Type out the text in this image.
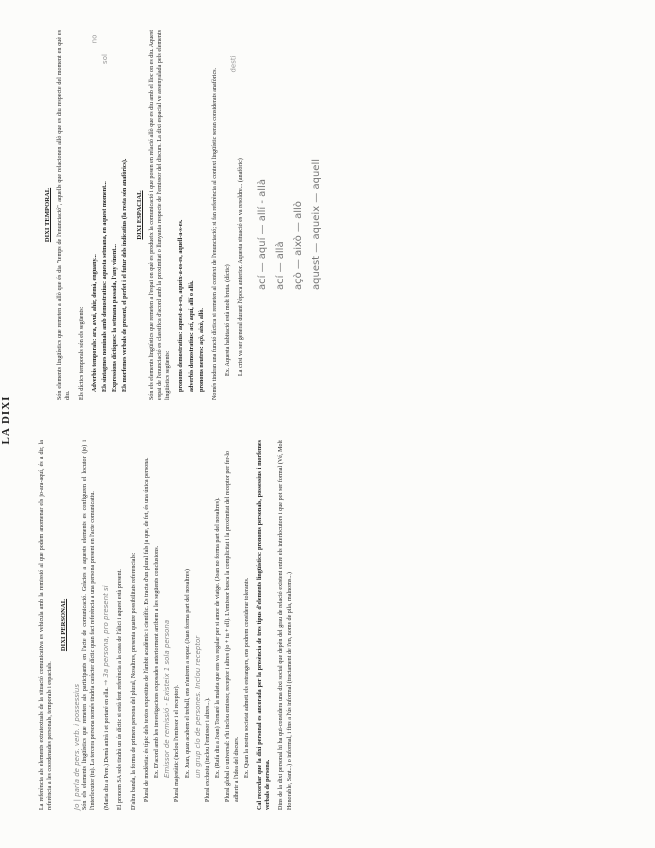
LA DIXI

La referència als elements extratextuals de la situació comunicativa es vehicula amb la remissió al que podem anomenar els jo-ara-aquí, és a dir, la referència a les coordenades personals, temporals i espacials.

DIXI PERSONAL
Jo | parla de pers. verb. i possessius Són els elements lingüístics que remeten als participants en l'acte de comunicació. Gràcies a aquests elements es configuren el locutor (jo) i l'interlocutor (tu). La tercera persona només tindria caràcter díctic quan faci referència a una persona present en l'acte comunicatiu.	(Maria diu a Pere.) Demà anirà i et portaré en ella. → 3a persona, pro present si El pronom SA sols tindrà un ús díctic si està fent referència a la casa de l'àlici i aquest està present. D'altra banda, la forma de primera persona del plural, Nosaltres, presenta quatre possibilitats referencials: Plural de modèstia: és típic dels textos expositius de l'àmbit acadèmic i científic. Es tracta d'un plural fals ja que, de fet, és una única persona. Ex. D'acord amb les investigacions exposades anteriorment arribem a les següents conclusions. Emissor de remissió - Existeix 1 sola persona Plural majestàtic (inclou l'emissor i el receptor). Ex. Juan, quan acabem el treball, ens n'anirem a sopar. (Juan forma part del nosaltres) un grup clo de persones. Inclou receptor Plural exclusiu (inclou l'emissor i altres...). Ex. (Rafa diu a Joan) Tornaré la maleta que ens va regalar per si amor de viatge. (Joan no forma part del nosaltres). Plural global o universal: s'hi inclou emissor, receptor i altres (jo + tu + ell). L'emissor busca la complicitat i la proximitat del receptor per fer-lo adherir a l'idea del discurs. Ex. Quan la nostra societat admeti els estrangers, ens podrem considerar tolerants. Cal recordar que la dixi personal es ancorada per la presència de tres tipus d'elements lingüístics: pronoms personals, possessius i morfemes verbals de persona. Dins de la dixi personal hi ha qui-considera una dixi social que depèn del grau de relació existent entre els interlocutors i que pot ser formal (Vé, Molt Honorable, Sant...) o informal, i fins a l'ús informal (tractament de i'en, noms de pila, malnoms...)

DIXI TEMPORAL Són elements lingüístics que remeten a allò que és dia "temps de l'enunciació", aquells que relacionen allò que es diu respecte del moment en què es diu. Els díctics temporals són els següents: Adverbis temporals: ara, avui, ahir, demà, enguany... Els sintagmes nominals amb demostratius: aquesta setmana, en aquest moment... Expressions díctiques: la setmana passada, l'any vinent... Els morfemes verbals de present, el perfet i el futur dels indicatius (la resta són anafòrics). DIXI ESPACIAL Són els elements lingüístics que remeten a l'espai on què es produeix la comunicació i que posen en relació allò que es diu amb el lloc on es diu. Aquest espai de l'enunciació es classifica d'acord amb la proximitat o llunyania respecte de l'emissor del discurs. La dixi espacial ve assenyalada pels elements lingüístics següents: pronoms demostratius: aquest-a-s-es, aqueix-a-os-es, aquell-a-s-es. adverbis demostratius: ací, aquí, allí o allà. pronoms neutres: açò, això, allò. Només tindran una funció díctica si remeten al context de l'enunciació; si fan referència al context lingüístic seran considerats anafòrics. Ex. Aquesta habitació està molt bruta. (díctic) La crisi va ser general durant l'època anterior. Aquesta situació es va resoldre... (anafòric)	ací — aquí — allí - allà ací — allà açò — això — allò aquest — aqueix — aquell
no
sol	desti
